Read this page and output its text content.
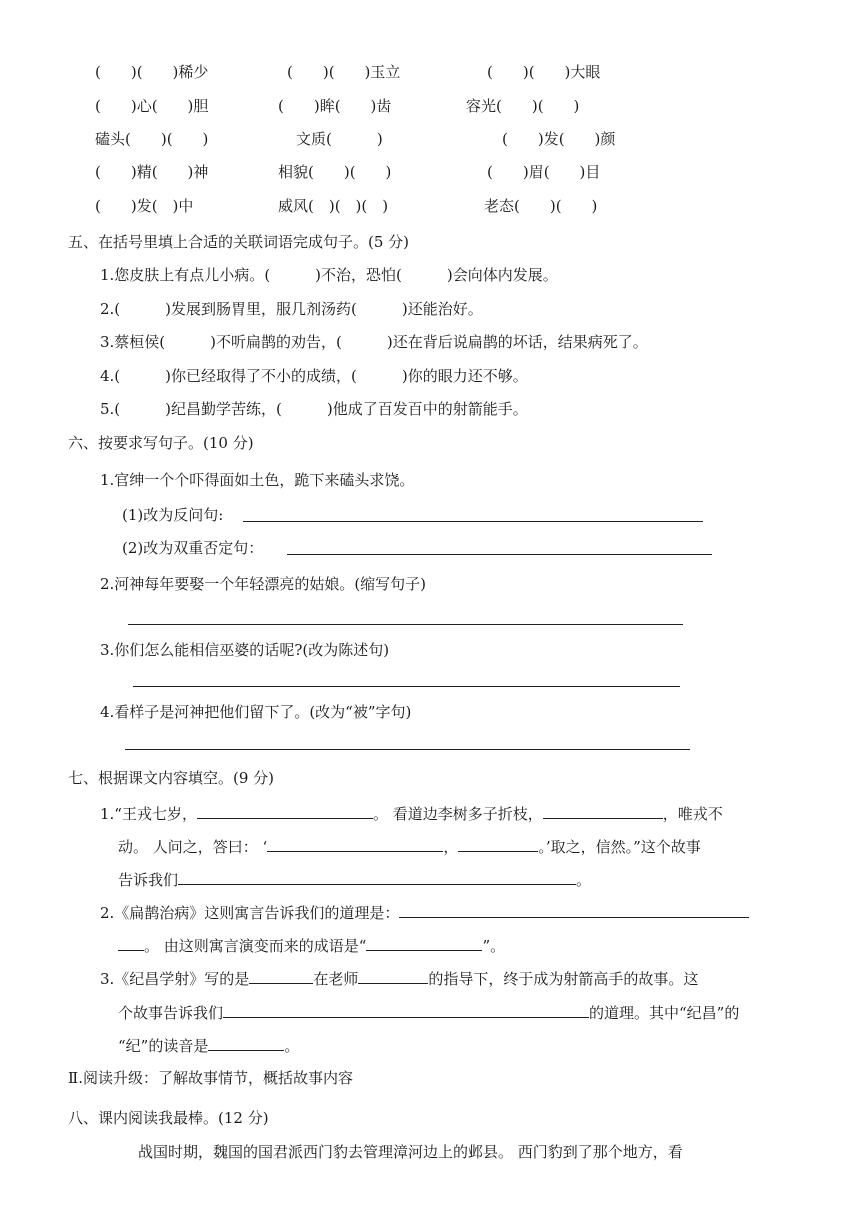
(　　)(　　)稀少	(　　)(　　)玉立	(　　)(　　)大眼
(　　)心(　　)胆	(　　)眸(　　)齿	容光(　　)(　　)
磕头(　　)(　　)	文质(　　　)	(　　)发(　　)颜
(　　)精(　　)神	相貌(　　)(　　)	(　　)眉(　　)目
(　　)发(　)中	威风(　)(　)(　)	老态(　　)(　　)
五、在括号里填上合适的关联词语完成句子。(5 分)
1.您皮肤上有点儿小病。(　　　)不治，恐怕(　　　)会向体内发展。
2.(　　　)发展到肠胃里，服几剂汤药(　　　)还能治好。
3.蔡桓侯(　　　)不听扁鹊的劝告，(　　　)还在背后说扁鹊的坏话，结果病死了。
4.(　　　)你已经取得了不小的成绩，(　　　)你的眼力还不够。
5.(　　　)纪昌勤学苦练，(　　　)他成了百发百中的射箭能手。
六、按要求写句子。(10 分)
1.官绅一个个吓得面如土色，跪下来磕头求饶。
(1)改为反问句:
(2)改为双重否定句：
2.河神每年要娶一个年轻漂亮的姑娘。(缩写句子)
3.你们怎么能相信巫婆的话呢?(改为陈述句)
4.看样子是河神把他们留下了。(改为“被”字句)
七、根据课文内容填空。(9 分)
1.“王戎七岁，	。 看道边李树多子折枝，	，唯戎不
动。 人问之，答曰： ‘	，	。’取之，信然。”这个故事
告诉我们	。
2.《扁鹊治病》这则寓言告诉我们的道理是：
。 由这则寓言演变而来的成语是“	”。
3.《纪昌学射》写的是	在老师	的指导下，终于成为射箭高手的故事。这
个故事告诉我们	的道理。其中“纪昌”的
“纪”的读音是	。
Ⅱ.阅读升级：了解故事情节，概括故事内容
八、课内阅读我最棒。(12 分)
战国时期，魏国的国君派西门豹去管理漳河边上的邺县。 西门豹到了那个地方，看
